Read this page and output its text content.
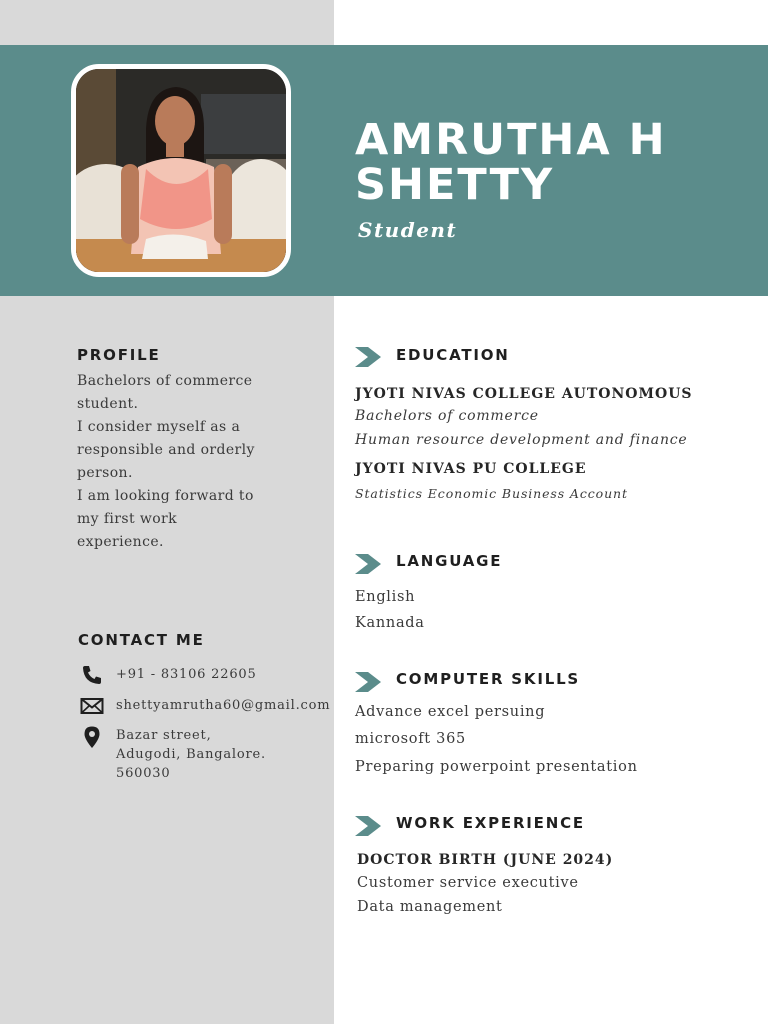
AMRUTHA H
SHETTY
Student
PROFILE
Bachelors of commerce
student.
I consider myself as a
responsible and orderly
person.
I am looking forward to
my first work
experience.
CONTACT ME
+91 - 83106 22605
shettyamrutha60@gmail.com
Bazar street,
Adugodi, Bangalore.
560030
EDUCATION
JYOTI NIVAS COLLEGE AUTONOMOUS
Bachelors of commerce
Human resource development and finance
JYOTI NIVAS PU COLLEGE
Statistics Economic Business Account
LANGUAGE
English
Kannada
COMPUTER SKILLS
Advance excel persuing
microsoft 365
Preparing powerpoint presentation
WORK EXPERIENCE
DOCTOR BIRTH (JUNE 2024)
Customer service executive
Data management
